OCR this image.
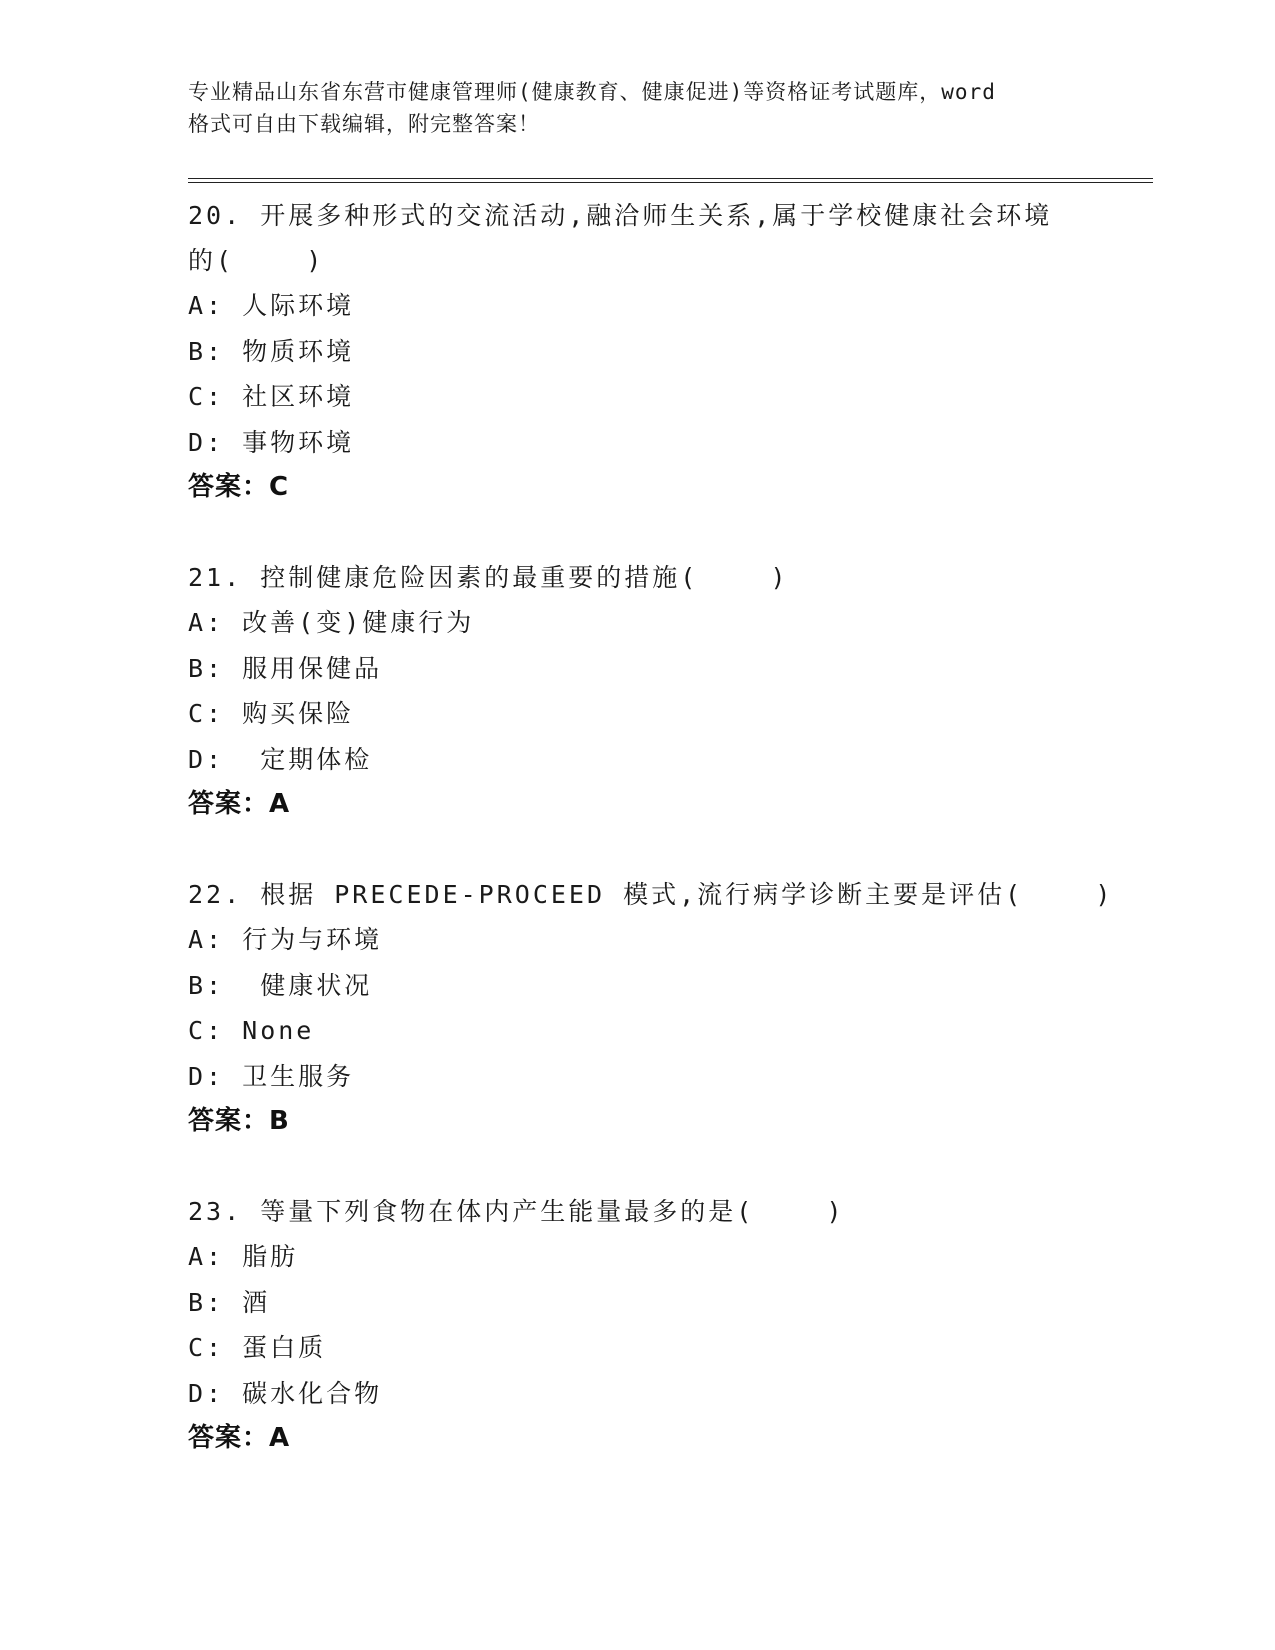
专业精品山东省东营市健康管理师(健康教育、健康促进)等资格证考试题库，word
格式可自由下载编辑，附完整答案！
20. 开展多种形式的交流活动,融洽师生关系,属于学校健康社会环境
的(    )
A: 人际环境
B: 物质环境
C: 社区环境
D: 事物环境
答案：C
21. 控制健康危险因素的最重要的措施(    )
A: 改善(变)健康行为
B: 服用保健品
C: 购买保险
D:  定期体检
答案：A
22. 根据 PRECEDE-PROCEED 模式,流行病学诊断主要是评估(    )
A: 行为与环境
B:  健康状况
C: None
D: 卫生服务
答案：B
23. 等量下列食物在体内产生能量最多的是(    )
A: 脂肪
B: 酒
C: 蛋白质
D: 碳水化合物
答案：A
